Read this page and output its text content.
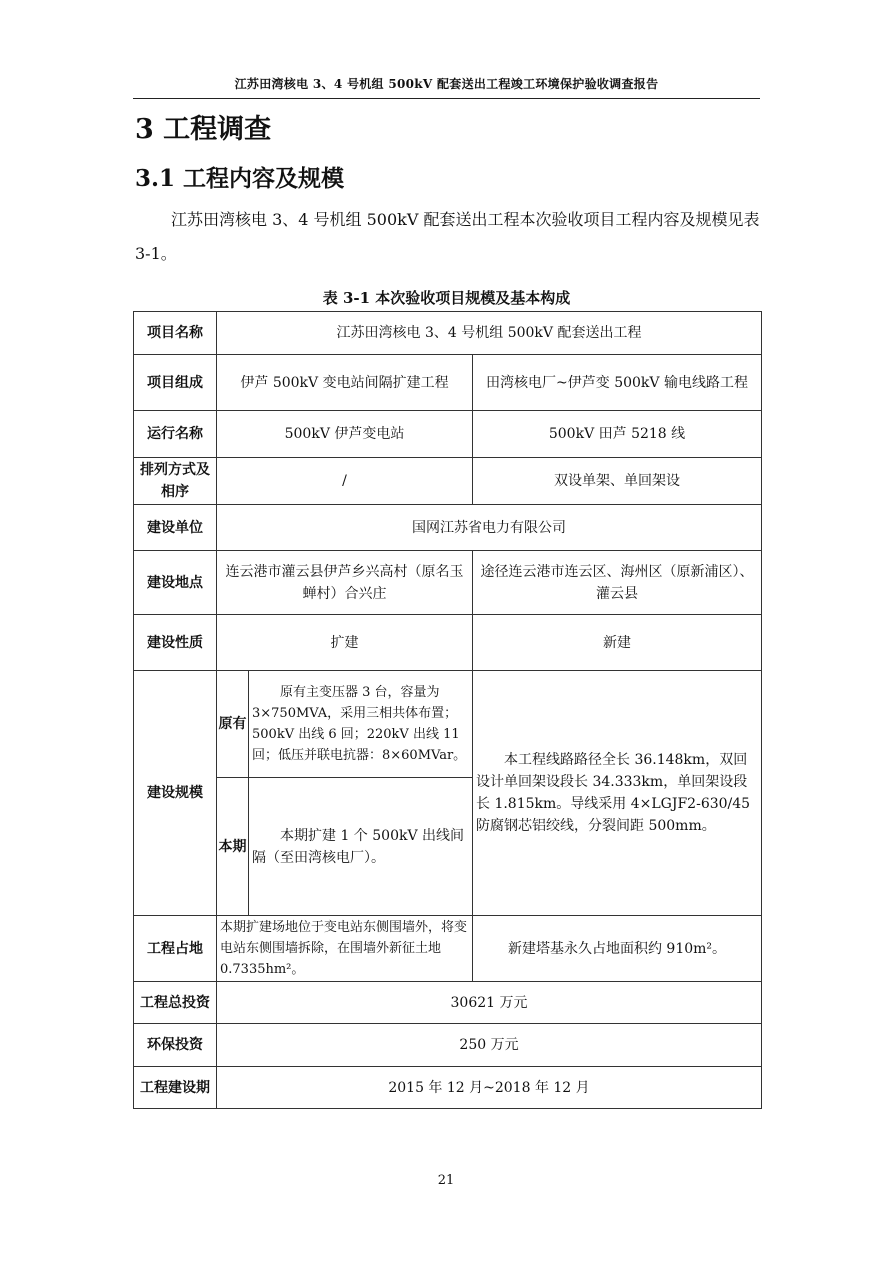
江苏田湾核电 3、4 号机组 500kV 配套送出工程竣工环境保护验收调查报告
3 工程调查
3.1 工程内容及规模
江苏田湾核电 3、4 号机组 500kV 配套送出工程本次验收项目工程内容及规模见表 3-1。
表 3-1 本次验收项目规模及基本构成
项目名称	江苏田湾核电 3、4 号机组 500kV 配套送出工程		
项目组成	伊芦 500kV 变电站间隔扩建工程		田湾核电厂~伊芦变 500kV 输电线路工程
运行名称	500kV 伊芦变电站		500kV 田芦 5218 线
排列方式及相序	/		双设单架、单回架设
建设单位	国网江苏省电力有限公司		
建设地点	连云港市灌云县伊芦乡兴高村（原名玉蝉村）合兴庄		途径连云港市连云区、海州区（原新浦区）、灌云县
建设性质	扩建		新建
建设规模	原有	原有主变压器 3 台，容量为 3×750MVA，采用三相共体布置；500kV 出线 6 回；220kV 出线 11 回；低压并联电抗器：8×60MVar。	本工程线路路径全长 36.148km，双回设计单回架设段长 34.333km，单回架设段长 1.815km。导线采用 4×LGJF2-630/45 防腐钢芯铝绞线，分裂间距 500mm。
	本期	本期扩建 1 个 500kV 出线间隔（至田湾核电厂）。	
工程占地	本期扩建场地位于变电站东侧围墙外，将变电站东侧围墙拆除，在围墙外新征土地 0.7335hm²。		新建塔基永久占地面积约 910m²。
工程总投资	30621 万元		
环保投资	250 万元		
工程建设期	2015 年 12 月~2018 年 12 月		
21
